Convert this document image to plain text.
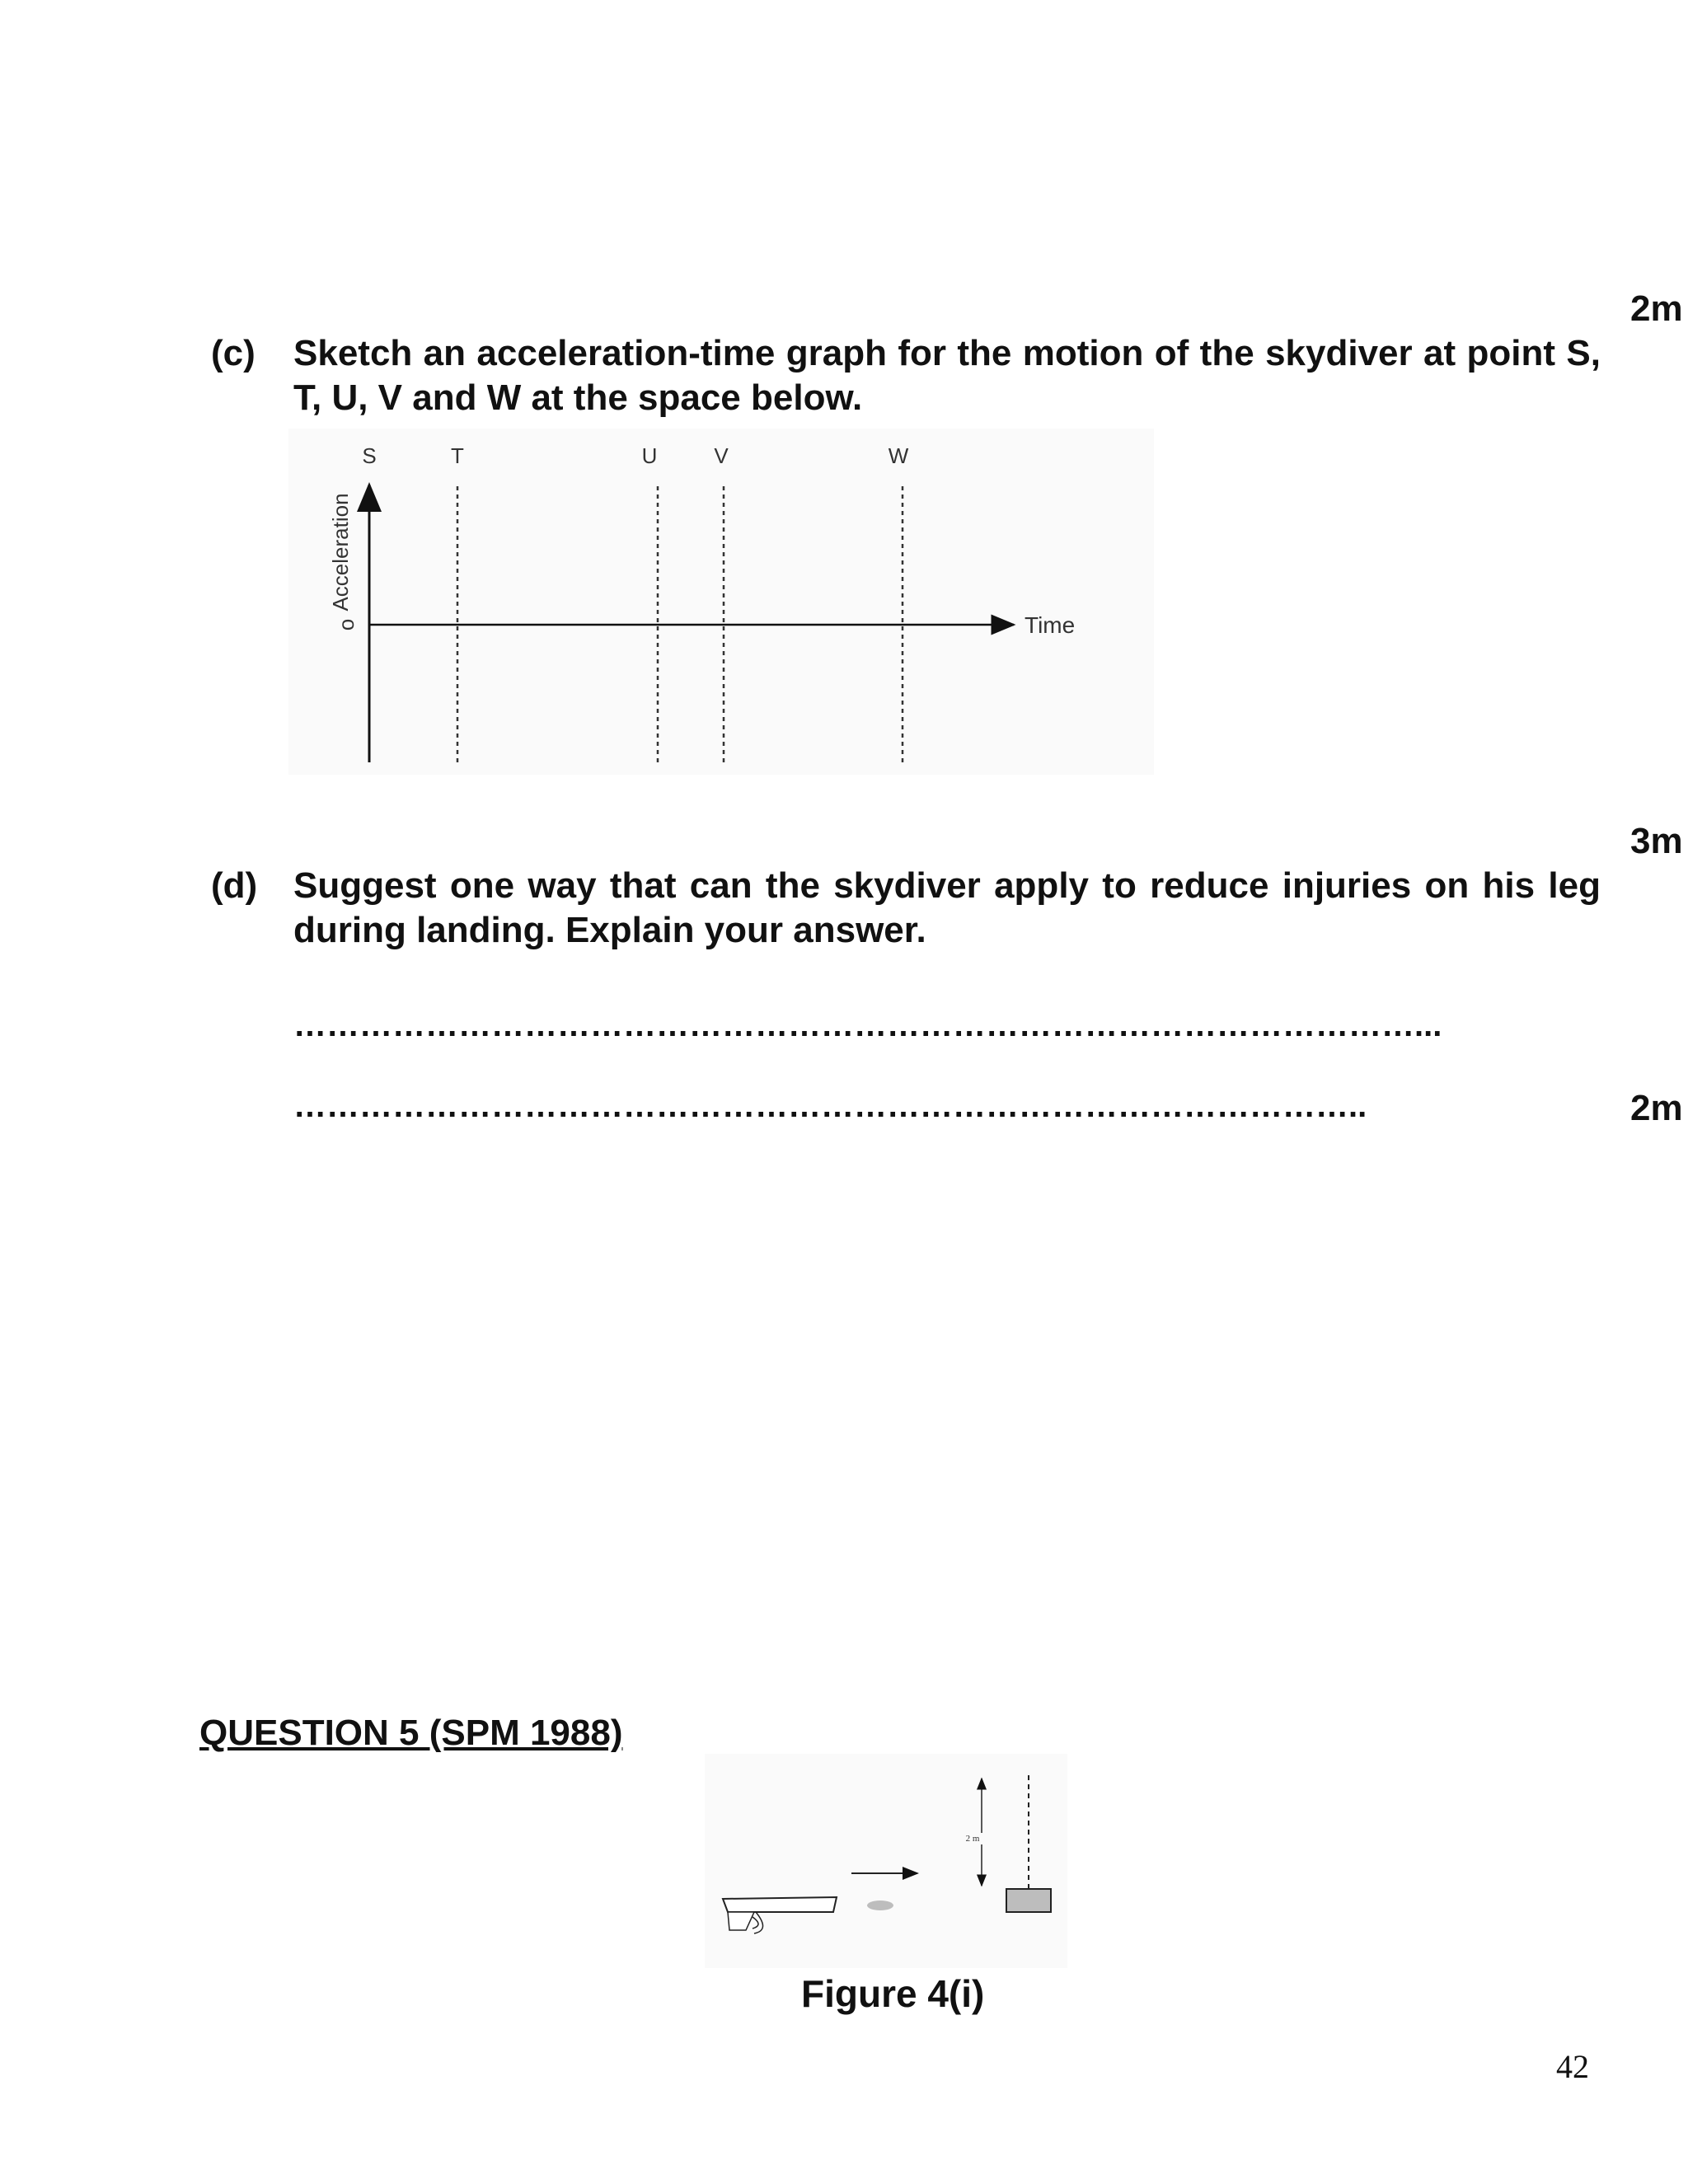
2m
(c)	Sketch an acceleration-time graph for the motion of the skydiver at point S, T, U, V and W at the space below.
S	T	U	V	W
Acceleration
o	Time
3m
(d) Suggest one way that can the skydiver apply to reduce injuries on his leg during landing. Explain your answer.
…………………………………………………………………………………………...
……………………………………………………………………………………..	2m
QUESTION 5 (SPM 1988)
2 m
Figure 4(i)
42
